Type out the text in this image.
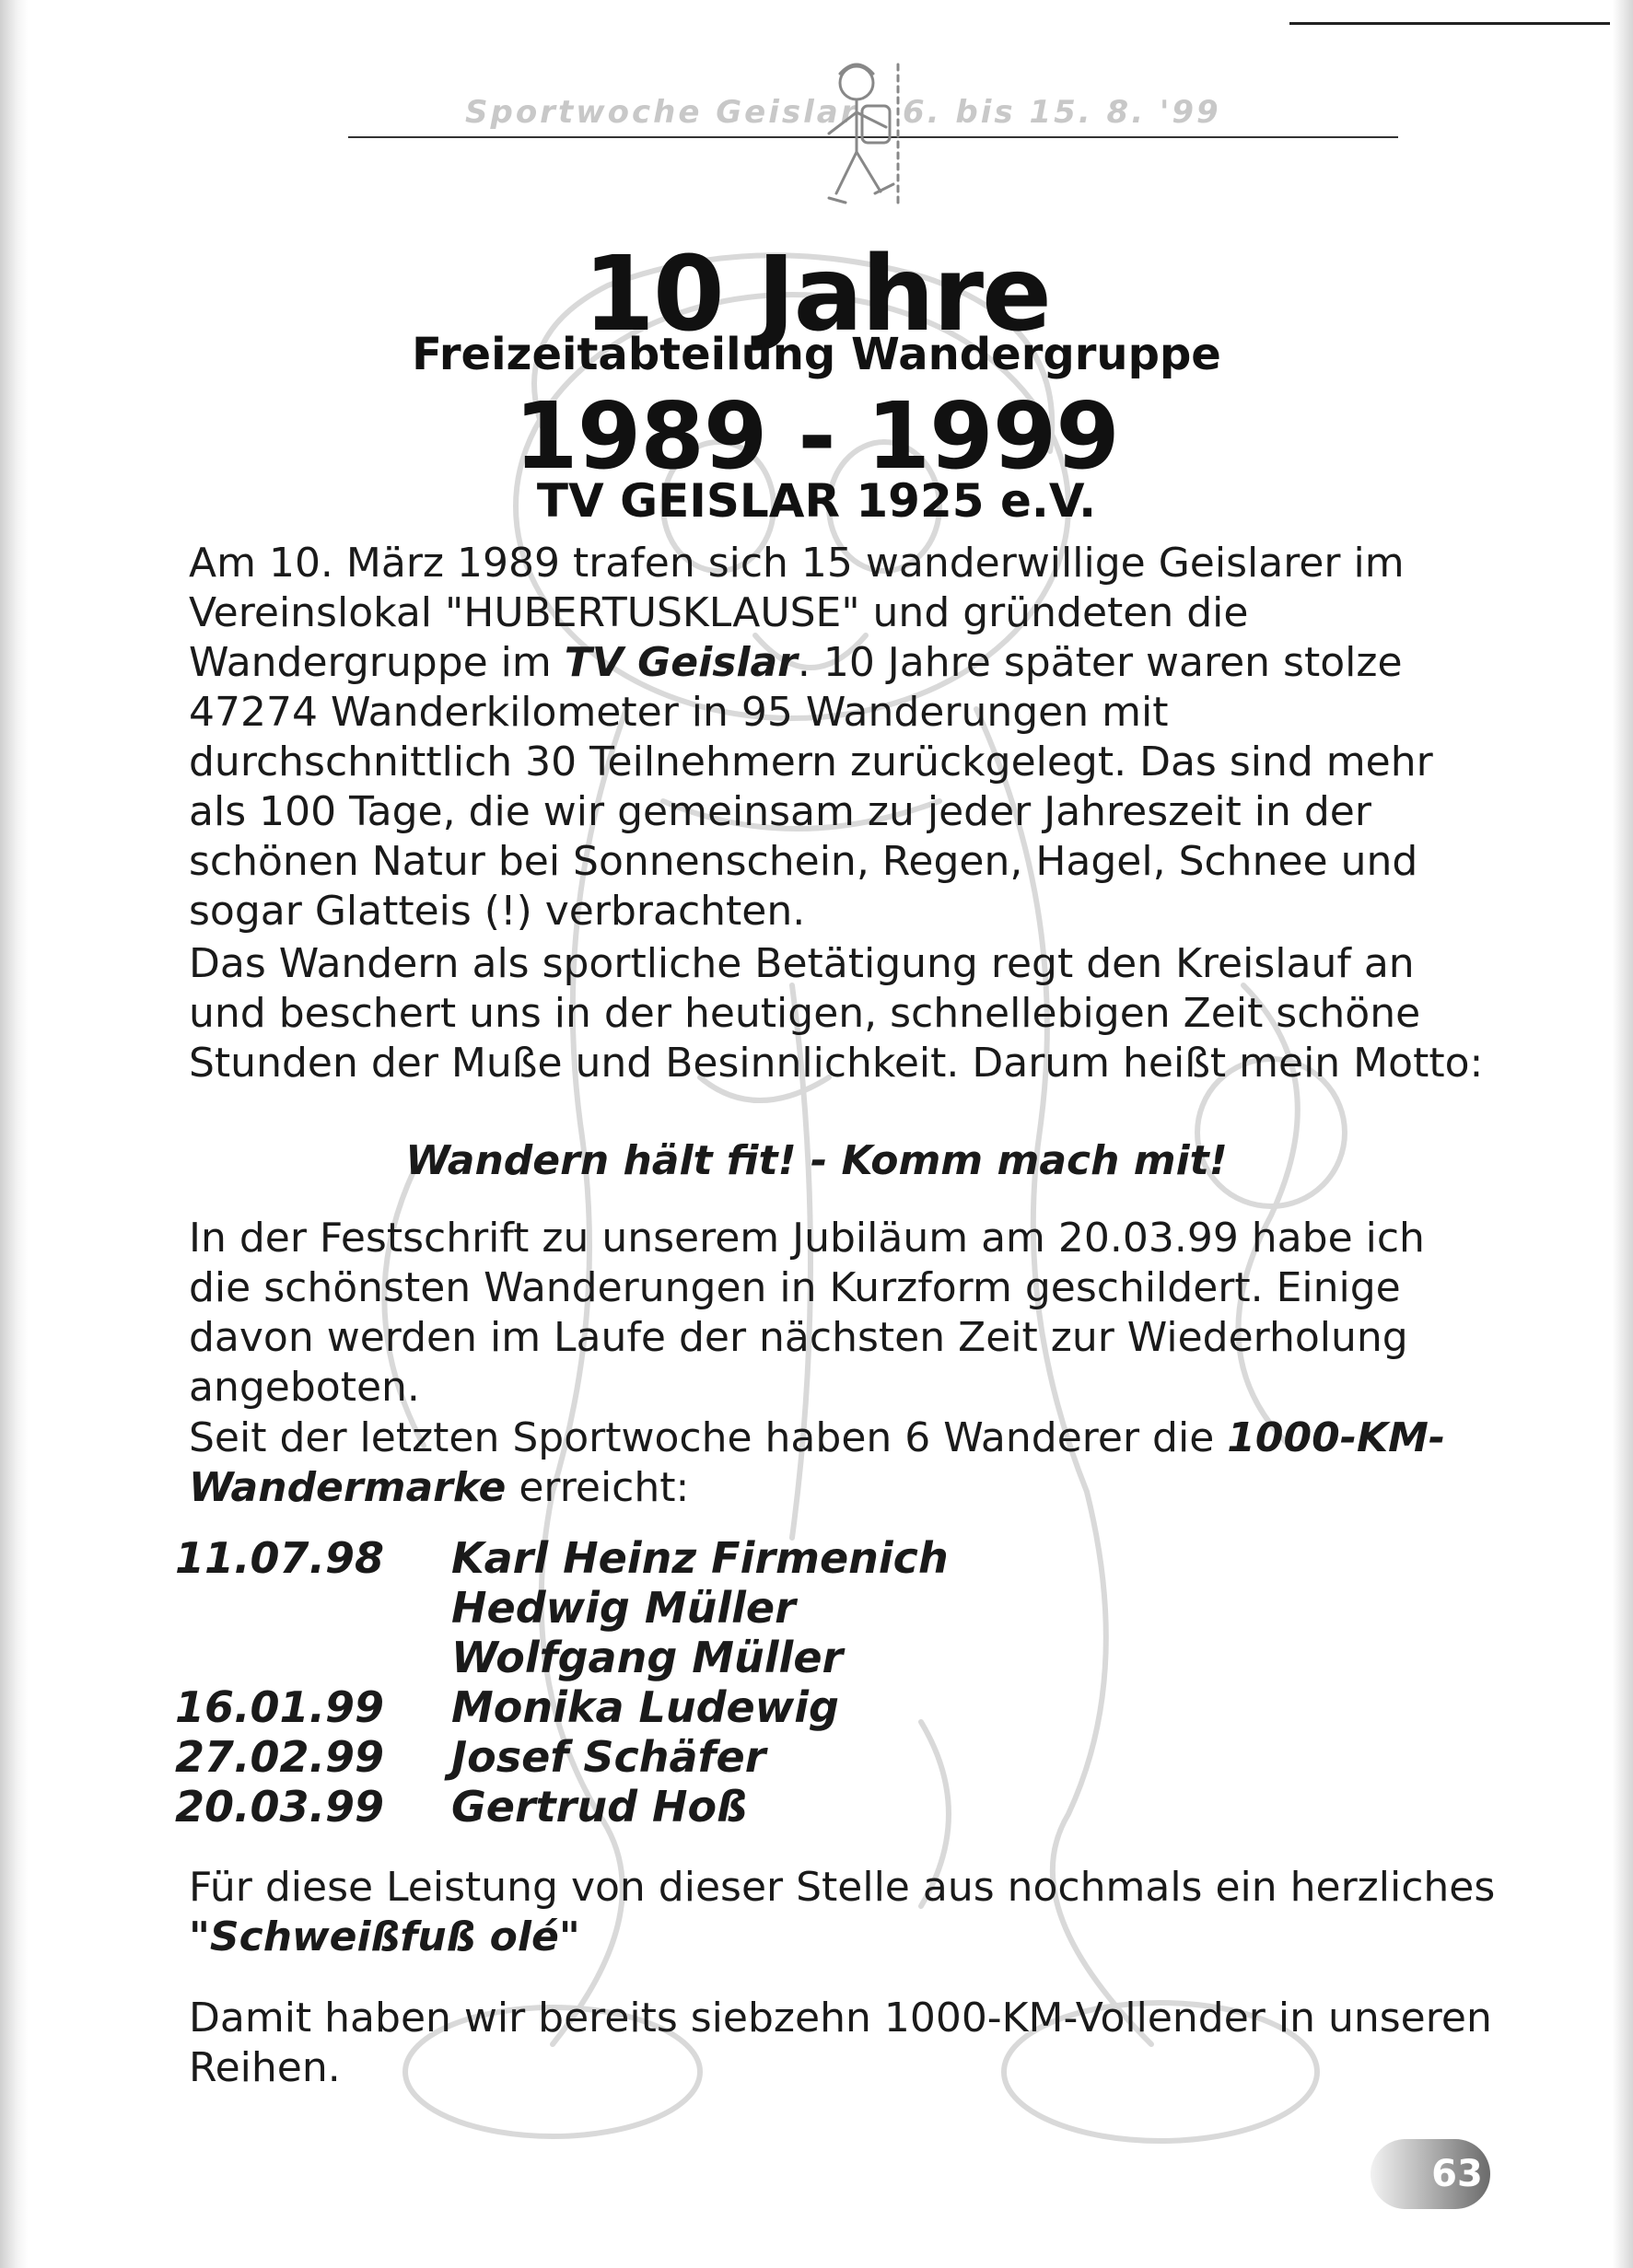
Sportwoche Geislar 6. bis 15. 8. '99
10 Jahre
Freizeitabteilung Wandergruppe
1989 - 1999
TV GEISLAR 1925 e.V.
Am 10. März 1989 trafen sich 15 wanderwillige Geislarer im Vereinslokal "HUBERTUSKLAUSE" und gründeten die Wandergruppe im TV Geislar. 10 Jahre später waren stolze 47274 Wanderkilometer in 95 Wanderungen mit durchschnittlich 30 Teilnehmern zurückgelegt. Das sind mehr als 100 Tage, die wir gemeinsam zu jeder Jahreszeit in der schönen Natur bei Sonnenschein, Regen, Hagel, Schnee und sogar Glatteis (!) verbrachten.
Das Wandern als sportliche Betätigung regt den Kreislauf an und beschert uns in der heutigen, schnellebigen Zeit schöne Stunden der Muße und Besinnlichkeit. Darum heißt mein Motto:
Wandern hält fit! - Komm mach mit!
In der Festschrift zu unserem Jubiläum am 20.03.99 habe ich die schönsten Wanderungen in Kurzform geschildert. Einige davon werden im Laufe der nächsten Zeit zur Wiederholung angeboten.
Seit der letzten Sportwoche haben 6 Wanderer die 1000-KM-Wandermarke erreicht:
11.07.98	Karl Heinz Firmenich
Hedwig Müller
Wolfgang Müller
16.01.99	Monika Ludewig
27.02.99	Josef Schäfer
20.03.99	Gertrud Hoß
Für diese Leistung von dieser Stelle aus nochmals ein herzliches "Schweißfuß olé"
Damit haben wir bereits siebzehn 1000-KM-Vollender in unseren Reihen.
63
